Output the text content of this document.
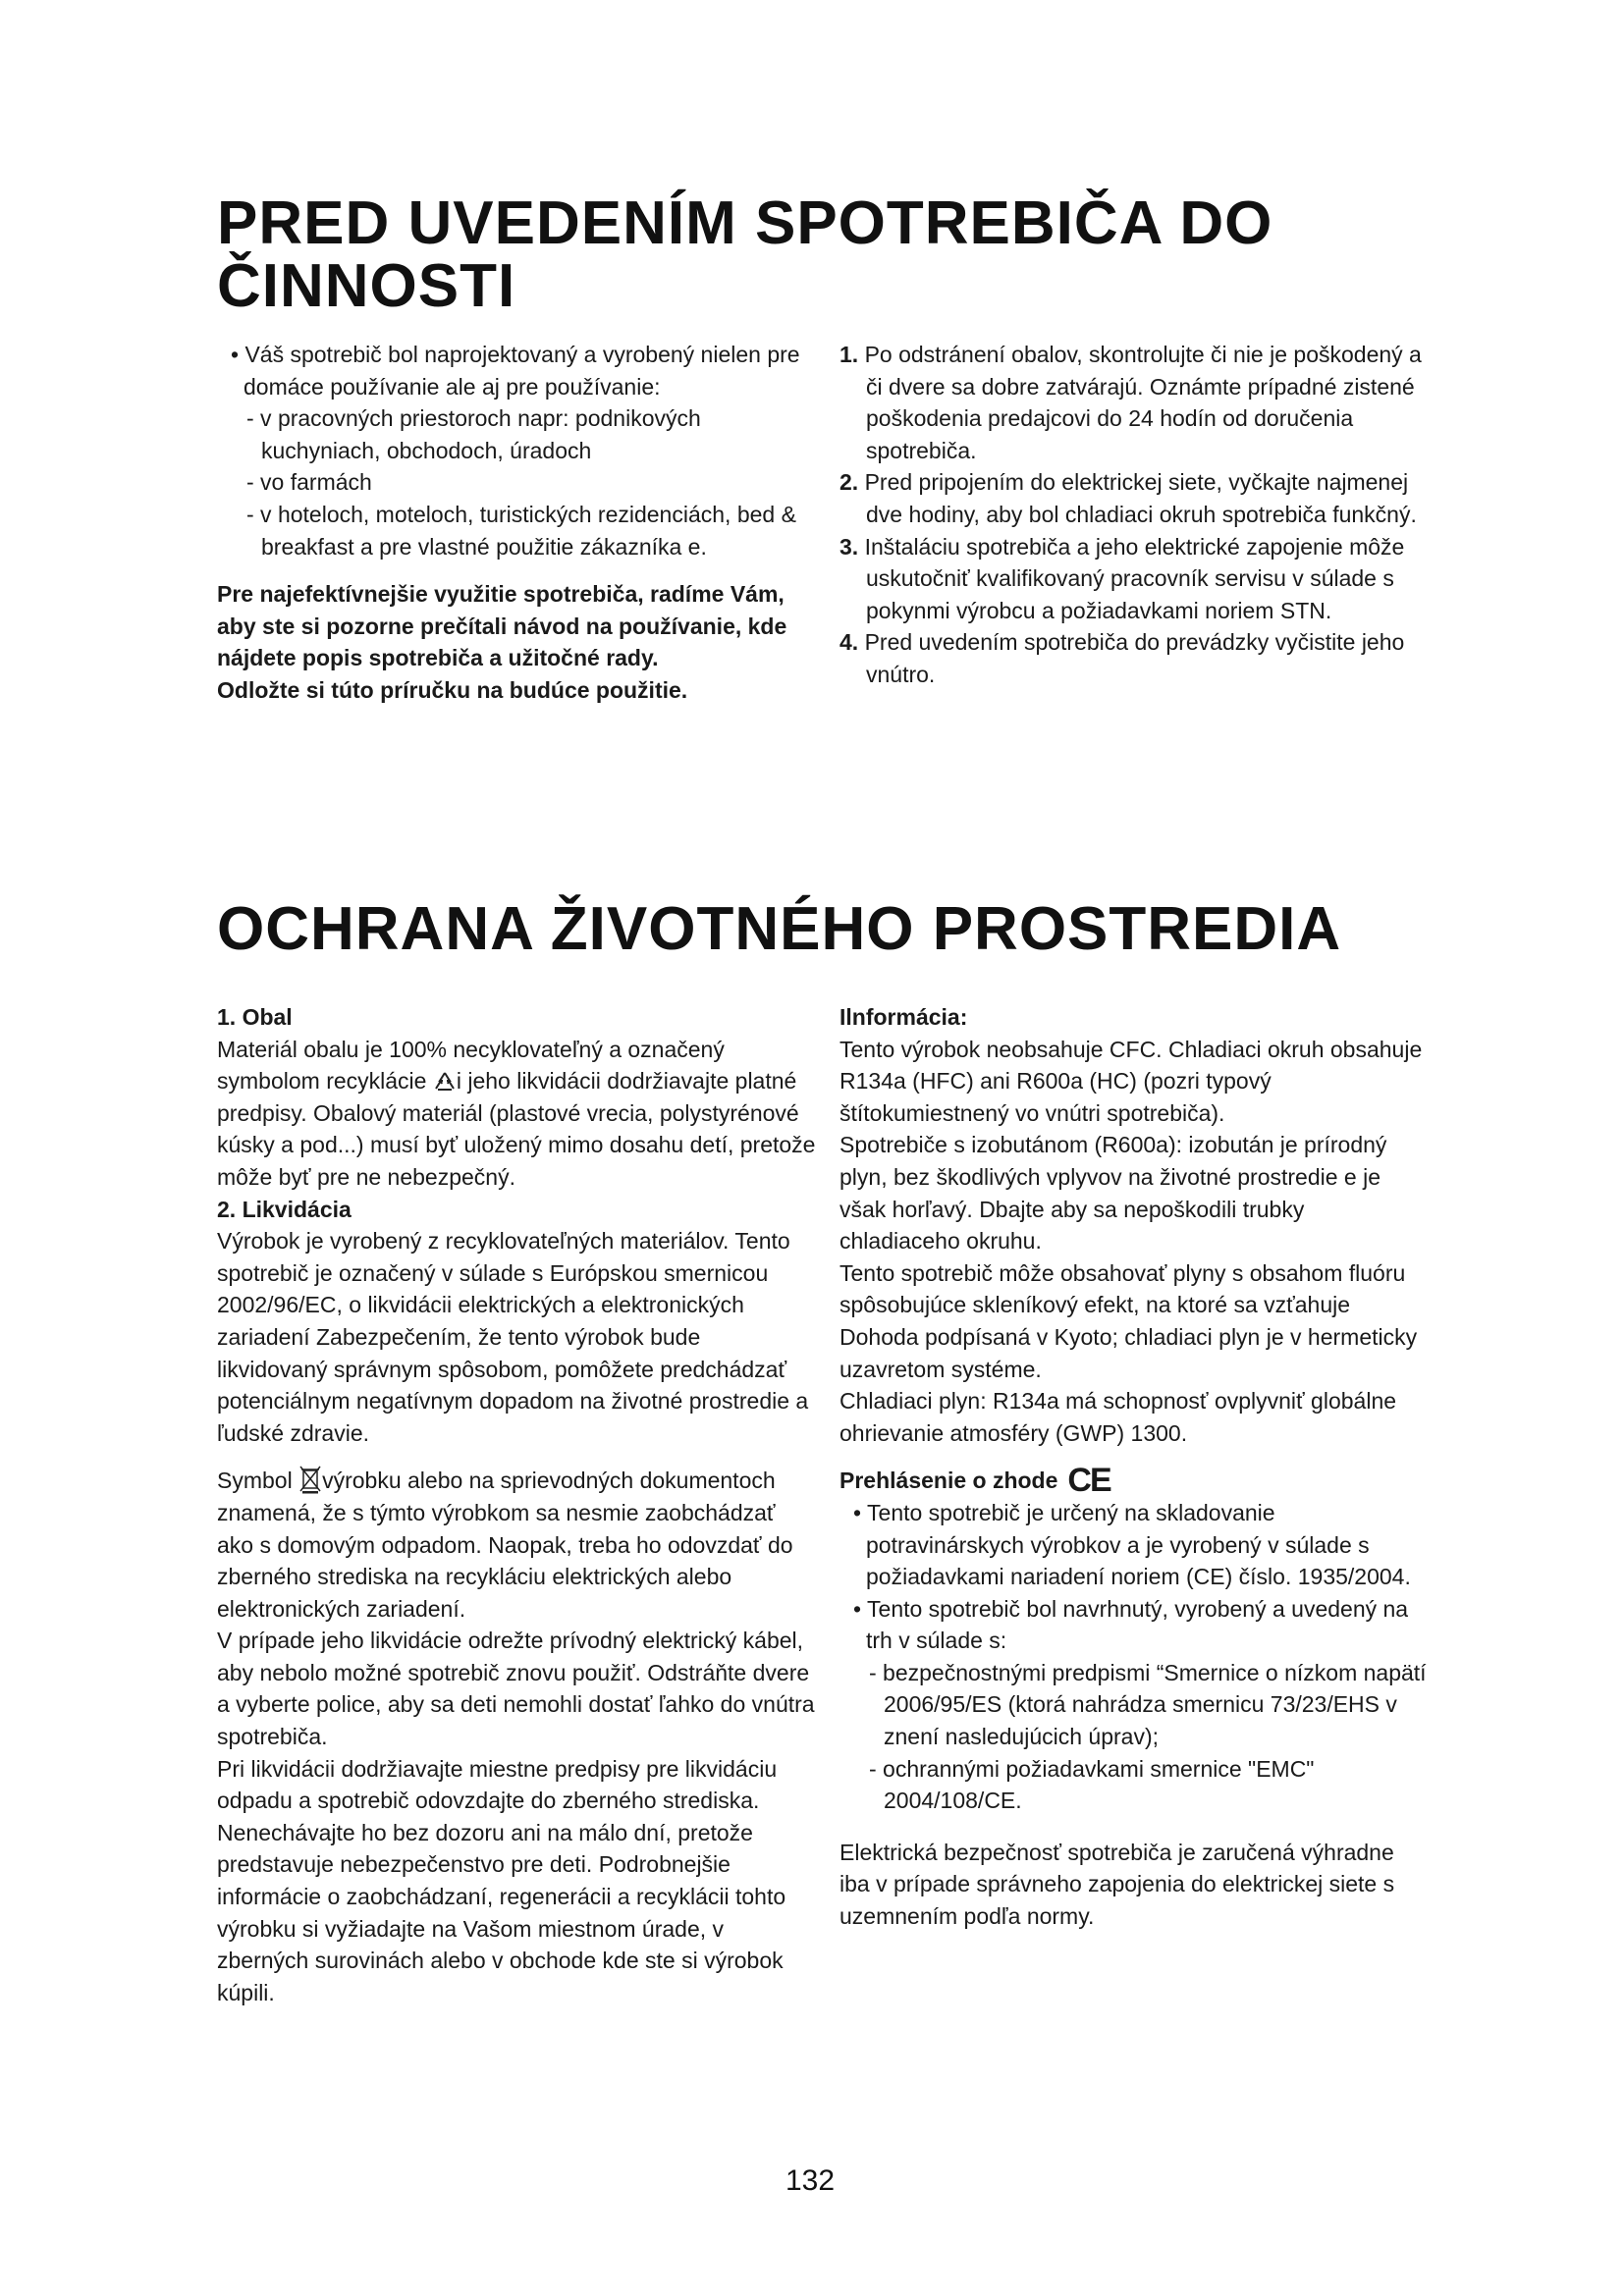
PRED UVEDENÍM SPOTREBIČA DO
ČINNOSTI

• Váš spotrebič bol naprojektovaný a vyrobený nielen pre domáce používanie ale aj pre používanie:

- v pracovných priestoroch napr: podnikových kuchyniach, obchodoch, úradoch

- vo farmách

- v hoteloch, moteloch, turistických rezidenciách, bed & breakfast a pre vlastné použitie zákazníka e.

Pre najefektívnejšie využitie spotrebiča, radíme Vám, aby ste si pozorne prečítali návod na používanie, kde nájdete popis spotrebiča a užitočné rady.

Odložte si túto príručku na budúce použitie.

1. Po odstránení obalov, skontrolujte či nie je poškodený a či dvere sa dobre zatvárajú. Oznámte prípadné zistené poškodenia predajcovi do 24 hodín od doručenia spotrebiča.

2. Pred pripojením do elektrickej siete, vyčkajte najmenej dve hodiny, aby bol chladiaci okruh spotrebiča funkčný.

3. Inštaláciu spotrebiča a jeho elektrické zapojenie môže uskutočniť kvalifikovaný pracovník servisu v súlade s pokynmi výrobcu a požiadavkami noriem STN.

4. Pred uvedením spotrebiča do prevádzky vyčistite jeho vnútro.

OCHRANA ŽIVOTNÉHO PROSTREDIA

1. Obal

Materiál obalu je 100% necyklovateľný a označený symbolom recyklácie i jeho likvidácii dodržiavajte platné predpisy. Obalový materiál (plastové vrecia, polystyrénové kúsky a pod...) musí byť uložený mimo dosahu detí, pretože môže byť pre ne nebezpečný.

2. Likvidácia

Výrobok je vyrobený z recyklovateľných materiálov. Tento spotrebič je označený v súlade s Európskou smernicou 2002/96/EC, o likvidácii elektrických a elektronických zariadení Zabezpečením, že tento výrobok bude likvidovaný správnym spôsobom, pomôžete predchádzať potenciálnym negatívnym dopadom na životné prostredie a ľudské zdravie.

Symbol výrobku alebo na sprievodných dokumentoch znamená, že s týmto výrobkom sa nesmie zaobchádzať ako s domovým odpadom. Naopak, treba ho odovzdať do zberného strediska na recykláciu elektrických alebo elektronických zariadení.

V prípade jeho likvidácie odrežte prívodný elektrický kábel, aby nebolo možné spotrebič znovu použiť. Odstráňte dvere a vyberte police, aby sa deti nemohli dostať ľahko do vnútra spotrebiča.

Pri likvidácii dodržiavajte miestne predpisy pre likvidáciu odpadu a spotrebič odovzdajte do zberného strediska. Nenechávajte ho bez dozoru ani na málo dní, pretože predstavuje nebezpečenstvo pre deti. Podrobnejšie informácie o zaobchádzaní, regenerácii a recyklácii tohto výrobku si vyžiadajte na Vašom miestnom úrade, v zberných surovinách alebo v obchode kde ste si výrobok kúpili.

Ilnformácia:

Tento výrobok neobsahuje CFC. Chladiaci okruh obsahuje R134a (HFC) ani R600a (HC) (pozri typový štítokumiestnený vo vnútri spotrebiča).

Spotrebiče s izobutánom (R600a): izobután je prírodný plyn, bez škodlivých vplyvov na životné prostredie e je však horľavý. Dbajte aby sa nepoškodili trubky chladiaceho okruhu.

Tento spotrebič môže obsahovať plyny s obsahom fluóru spôsobujúce skleníkový efekt, na ktoré sa vzťahuje Dohoda podpísaná v Kyoto; chladiaci plyn je v hermeticky uzavretom systéme.

Chladiaci plyn: R134a má schopnosť ovplyvniť globálne

ohrievanie atmosféry (GWP) 1300.

Prehlásenie o zhode CE

• Tento spotrebič je určený na skladovanie potravinárskych výrobkov a je vyrobený v súlade s požiadavkami nariadení noriem (CE) číslo. 1935/2004.

• Tento spotrebič bol navrhnutý, vyrobený a uvedený na trh v súlade s:

- bezpečnostnými predpismi “Smernice o nízkom napätí 2006/95/ES (ktorá nahrádza smernicu 73/23/EHS v znení nasledujúcich úprav);

- ochrannými požiadavkami smernice "EMC" 2004/108/CE.

Elektrická bezpečnosť spotrebiča je zaručená výhradne iba v prípade správneho zapojenia do elektrickej siete s uzemnením podľa normy.

132
